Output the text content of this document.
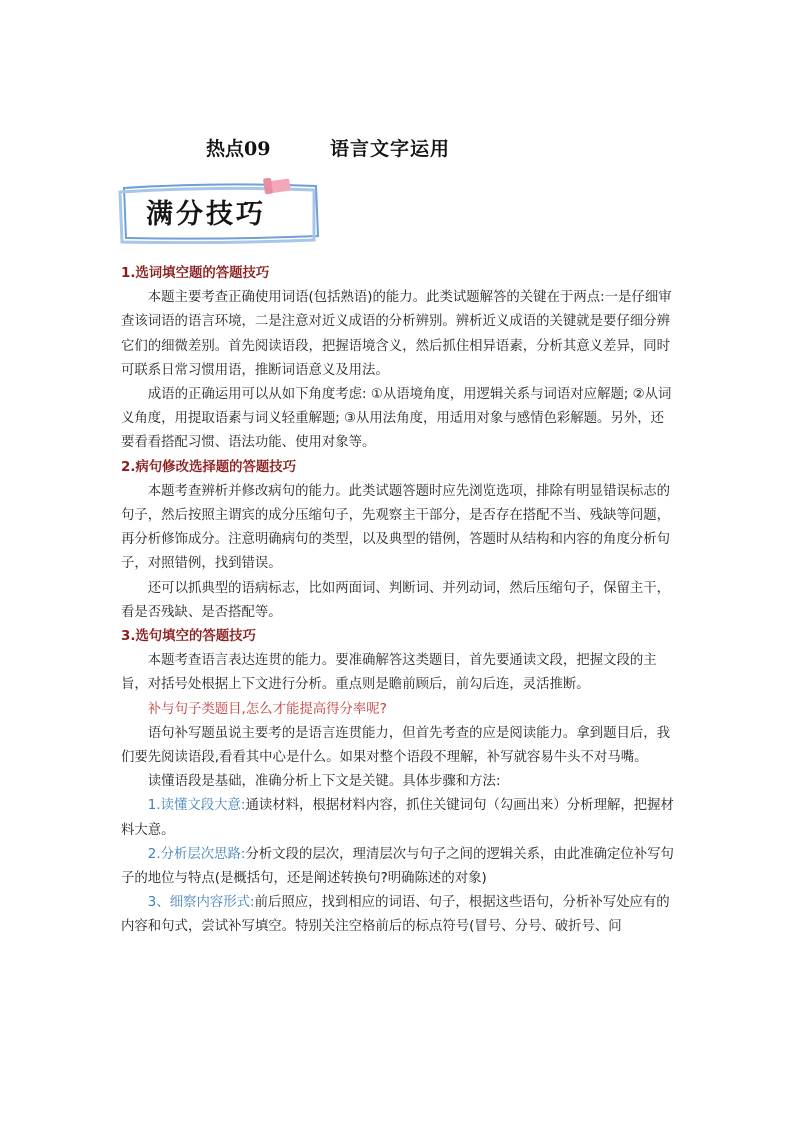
热点09	语言文字运用
满分技巧
1.选词填空题的答题技巧

本题主要考查正确使用词语(包括熟语)的能力。此类试题解答的关键在于两点:一是仔细审查该词语的语言环境，二是注意对近义成语的分析辨别。辨析近义成语的关键就是要仔细分辨它们的细微差别。首先阅读语段，把握语境含义，然后抓住相异语素，分析其意义差异，同时可联系日常习惯用语，推断词语意义及用法。

成语的正确运用可以从如下角度考虑: ①从语境角度，用逻辑关系与词语对应解题; ②从词义角度，用提取语素与词义轻重解题; ③从用法角度，用适用对象与感情色彩解题。另外，还要看看搭配习惯、语法功能、使用对象等。

2.病句修改选择题的答题技巧

本题考查辨析并修改病句的能力。此类试题答题时应先浏览选项，排除有明显错误标志的句子，然后按照主谓宾的成分压缩句子，先观察主干部分，是否存在搭配不当、残缺等问题，再分析修饰成分。注意明确病句的类型，以及典型的错例，答题时从结构和内容的角度分析句子，对照错例，找到错误。

还可以抓典型的语病标志，比如两面词、判断词、并列动词，然后压缩句子，保留主干，看是否残缺、是否搭配等。

3.选句填空的答题技巧

本题考查语言表达连贯的能力。要准确解答这类题目，首先要通读文段，把握文段的主旨，对括号处根据上下文进行分析。重点则是瞻前顾后，前勾后连，灵活推断。

补与句子类题目,怎么才能提高得分率呢?

语句补写题虽说主要考的是语言连贯能力，但首先考查的应是阅读能力。拿到题目后，我们要先阅读语段,看看其中心是什么。如果对整个语段不理解，补写就容易牛头不对马嘴。

读懂语段是基础，准确分析上下文是关键。具体步骤和方法:

1.读懂文段大意:通读材料，根据材料内容，抓住关键词句（勾画出来）分析理解，把握材料大意。

2.分析层次思路:分析文段的层次，理清层次与句子之间的逻辑关系，由此准确定位补写句子的地位与特点(是概括句，还是阐述转换句?明确陈述的对象)

3、细察内容形式:前后照应，找到相应的词语、句子，根据这些语句，分析补写处应有的内容和句式，尝试补写填空。特别关注空格前后的标点符号(冒号、分号、破折号、问
